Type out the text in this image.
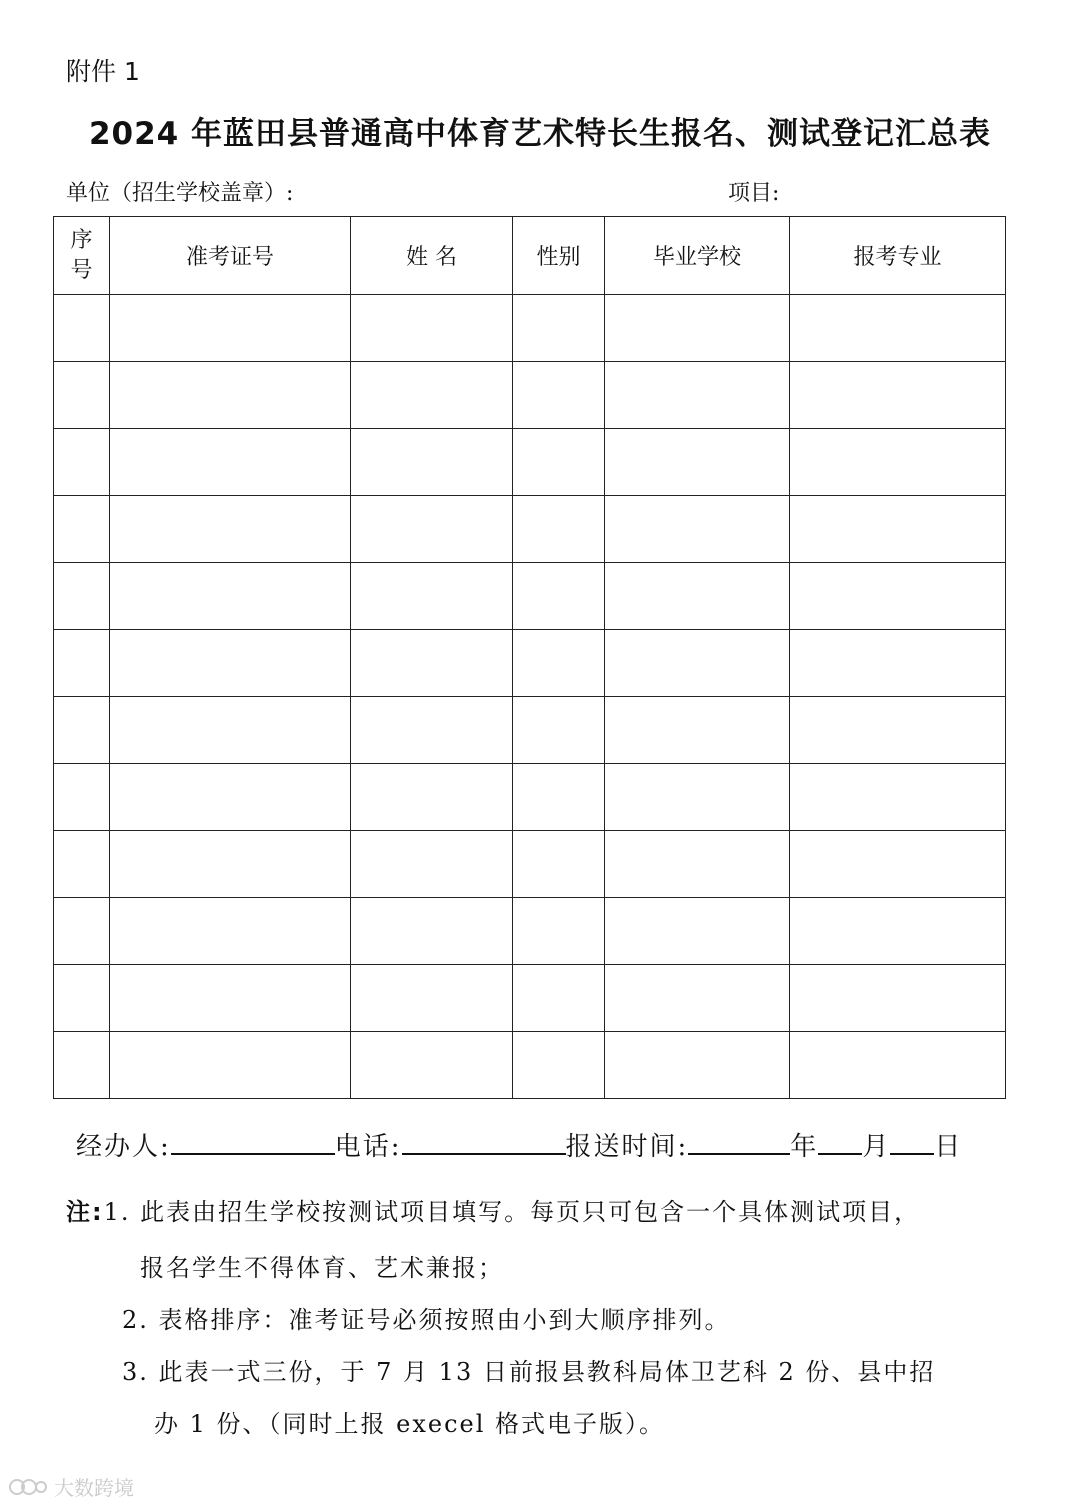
附件 1
2024 年蓝田县普通高中体育艺术特长生报名、测试登记汇总表
单位（招生学校盖章）:	项目:
序
号	准考证号	姓 名	性别	毕业学校	报考专业

经办人:	电话:	报送时间:	年 月 日
注:1. 此表由招生学校按测试项目填写。每页只可包含一个具体测试项目，
报名学生不得体育、艺术兼报；
2. 表格排序：准考证号必须按照由小到大顺序排列。
3. 此表一式三份，于 7 月 13 日前报县教科局体卫艺科 2 份、县中招
办 1 份、（同时上报 execel 格式电子版）。
大数跨境
